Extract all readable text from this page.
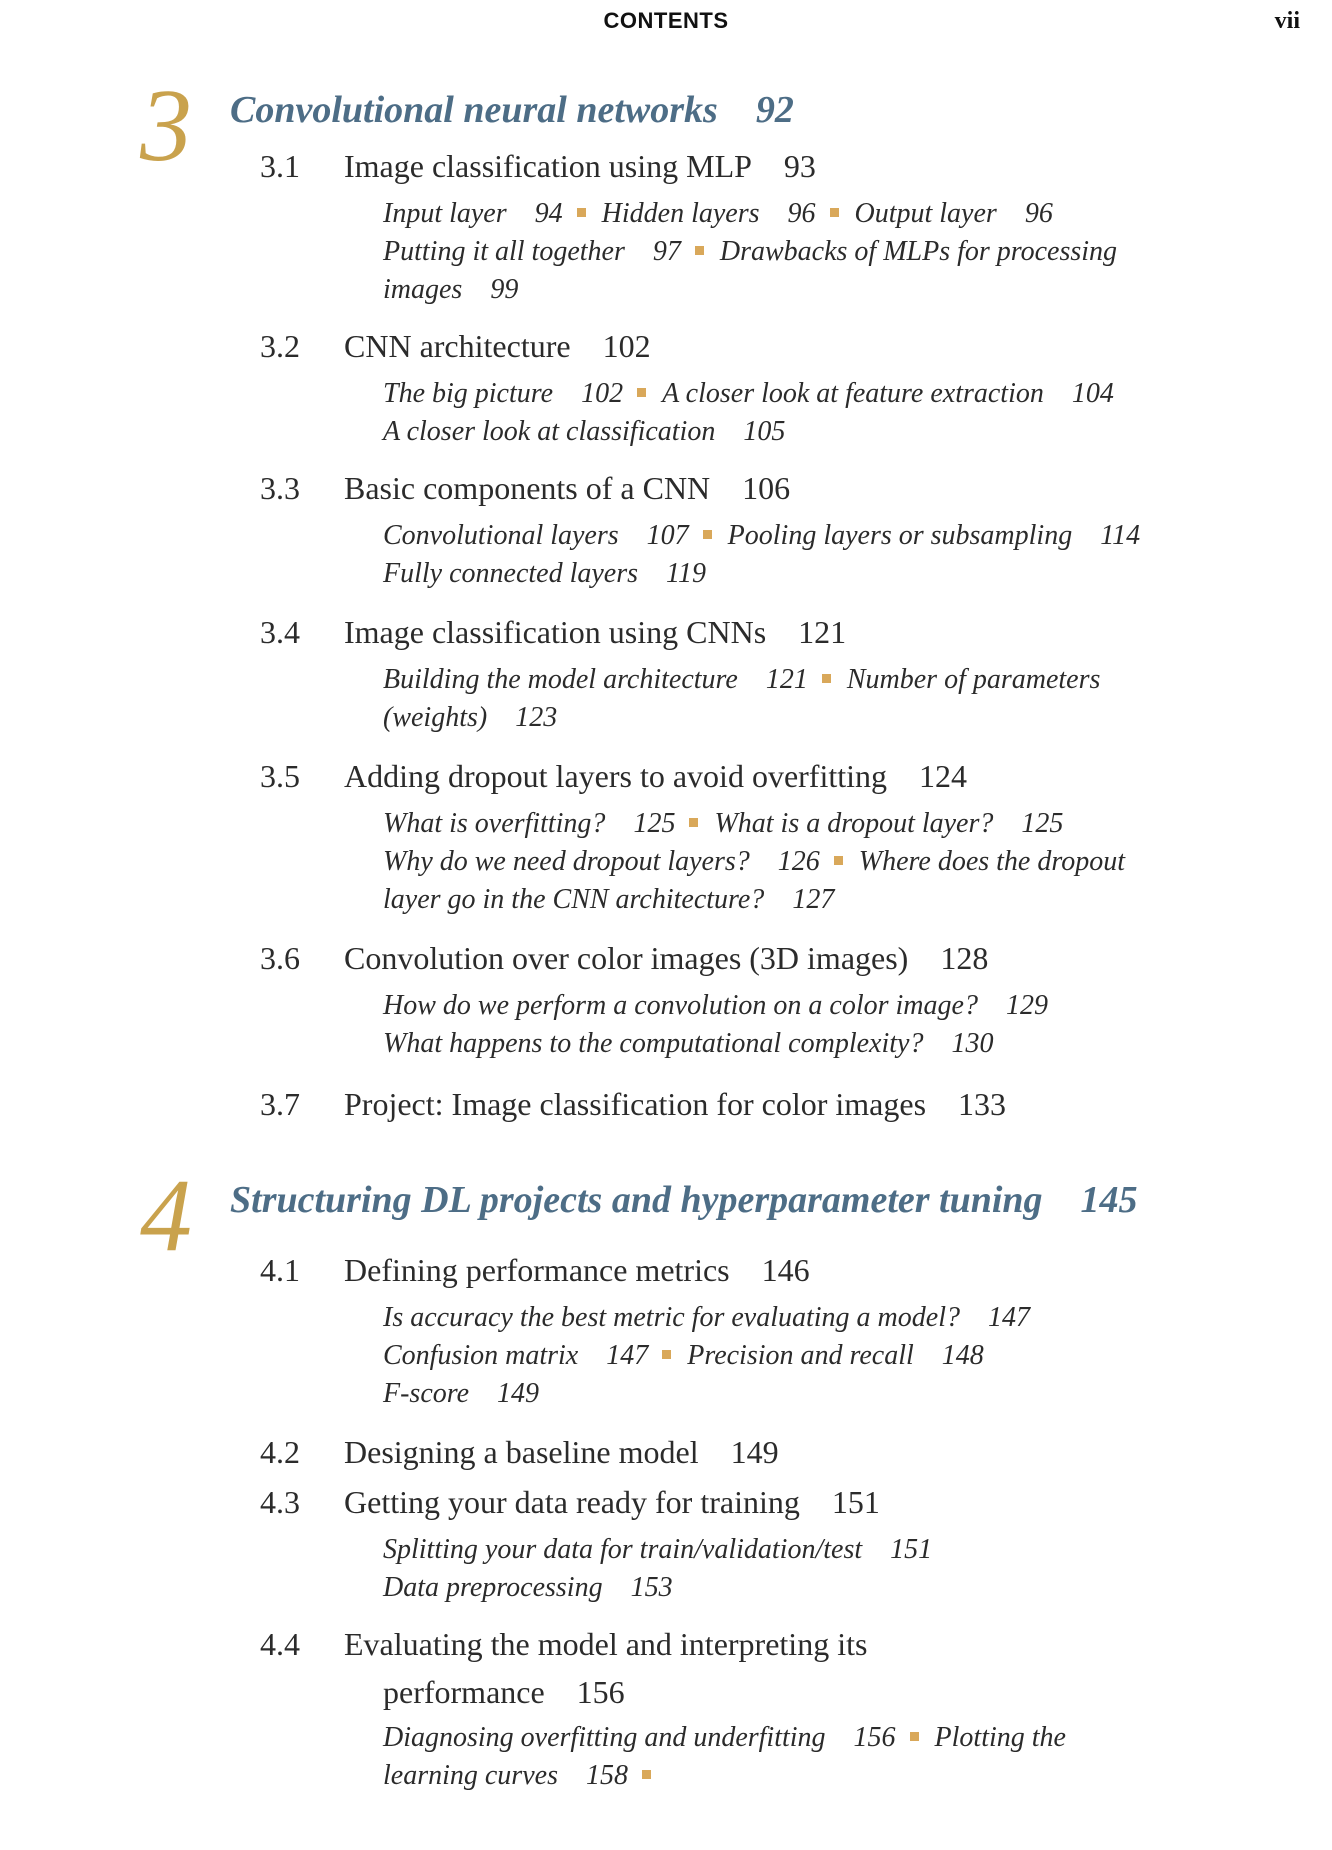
CONTENTS	vii
3 Convolutional neural networks 92
3.1 Image classification using MLP 93
Input layer 94 Hidden layers 96 Output layer 96
Putting it all together 97 Drawbacks of MLPs for processing
images 99
3.2 CNN architecture 102
The big picture 102 A closer look at feature extraction 104
A closer look at classification 105
3.3 Basic components of a CNN 106
Convolutional layers 107 Pooling layers or subsampling 114
Fully connected layers 119
3.4 Image classification using CNNs 121
Building the model architecture 121 Number of parameters
(weights) 123
3.5 Adding dropout layers to avoid overfitting 124
What is overfitting? 125 What is a dropout layer? 125
Why do we need dropout layers? 126 Where does the dropout
layer go in the CNN architecture? 127
3.6 Convolution over color images (3D images) 128
How do we perform a convolution on a color image? 129
What happens to the computational complexity? 130
3.7 Project: Image classification for color images 133
4 Structuring DL projects and hyperparameter tuning 145
4.1 Defining performance metrics 146
Is accuracy the best metric for evaluating a model? 147
Confusion matrix 147 Precision and recall 148
F-score 149
4.2 Designing a baseline model 149
4.3 Getting your data ready for training 151
Splitting your data for train/validation/test 151
Data preprocessing 153
4.4 Evaluating the model and interpreting its
performance 156
Diagnosing overfitting and underfitting 156 Plotting the
learning curves 158
